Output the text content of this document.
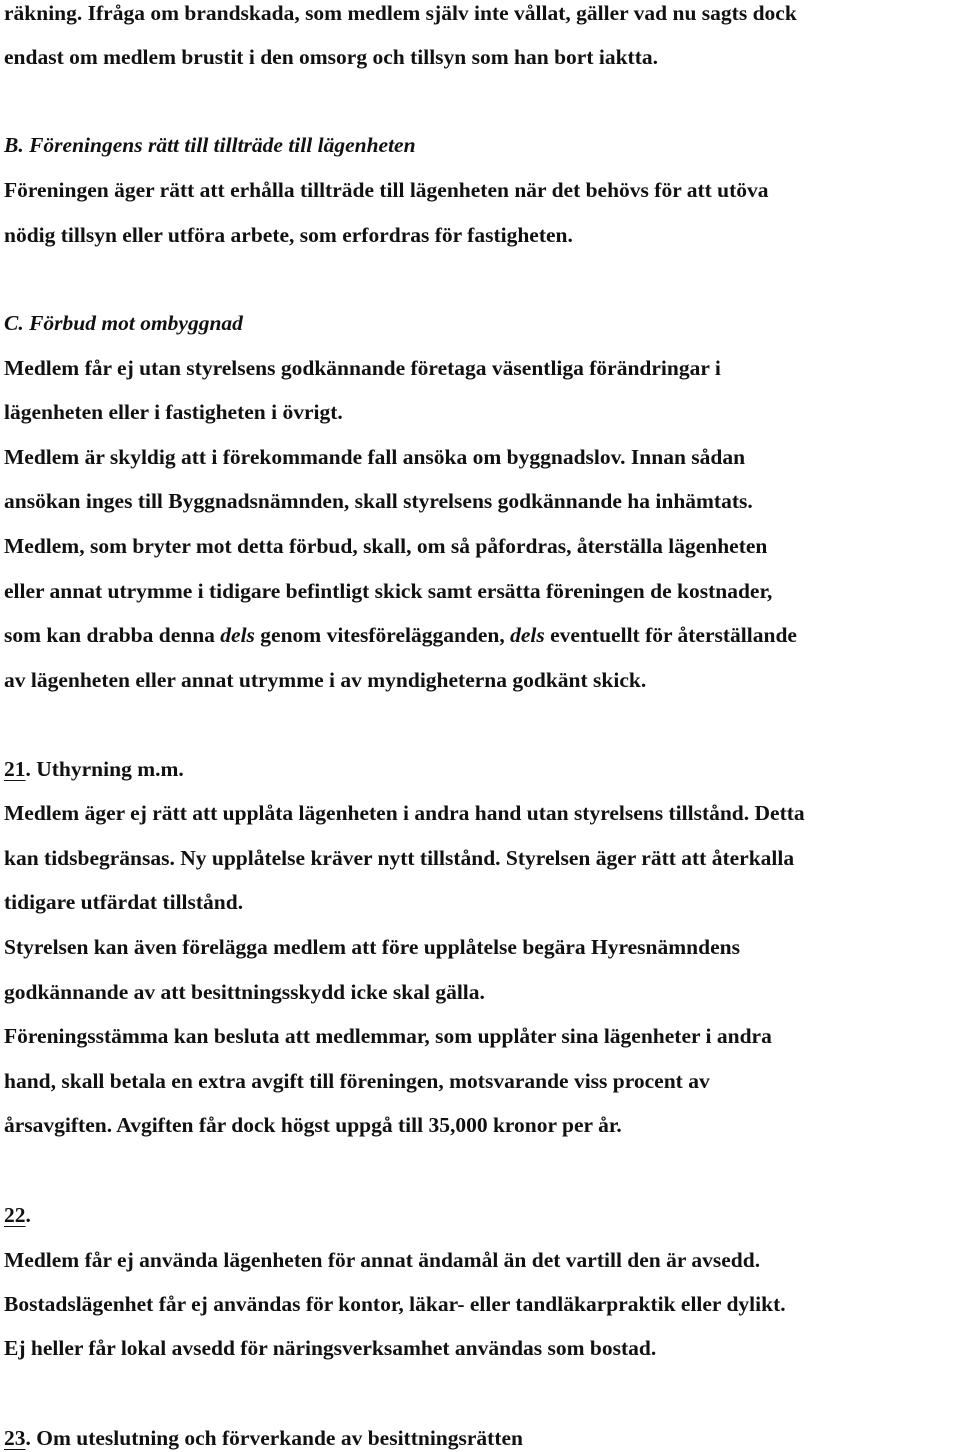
räkning. Ifråga om brandskada, som medlem själv inte vållat, gäller vad nu sagts dock
endast om medlem brustit i den omsorg och tillsyn som han bort iaktta.
B. Föreningens rätt till tillträde till lägenheten
Föreningen äger rätt att erhålla tillträde till lägenheten när det behövs för att utöva
nödig tillsyn eller utföra arbete, som erfordras för fastigheten.
C. Förbud mot ombyggnad
Medlem får ej utan styrelsens godkännande företaga väsentliga förändringar i
lägenheten eller i fastigheten i övrigt.
Medlem är skyldig att i förekommande fall ansöka om byggnadslov. Innan sådan
ansökan inges till Byggnadsnämnden, skall styrelsens godkännande ha inhämtats.
Medlem, som bryter mot detta förbud, skall, om så påfordras, återställa lägenheten
eller annat utrymme i tidigare befintligt skick samt ersätta föreningen de kostnader,
som kan drabba denna dels genom vitesförelägganden, dels eventuellt för återställande
av lägenheten eller annat utrymme i av myndigheterna godkänt skick.
21. Uthyrning m.m.
Medlem äger ej rätt att upplåta lägenheten i andra hand utan styrelsens tillstånd. Detta
kan tidsbegränsas. Ny upplåtelse kräver nytt tillstånd. Styrelsen äger rätt att återkalla
tidigare utfärdat tillstånd.
Styrelsen kan även förelägga medlem att före upplåtelse begära Hyresnämndens
godkännande av att besittningsskydd icke skal gälla.
Föreningsstämma kan besluta att medlemmar, som upplåter sina lägenheter i andra
hand, skall betala en extra avgift till föreningen, motsvarande viss procent av
årsavgiften. Avgiften får dock högst uppgå till 35,000 kronor per år.
22.
Medlem får ej använda lägenheten för annat ändamål än det vartill den är avsedd.
Bostadslägenhet får ej användas för kontor, läkar- eller tandläkarpraktik eller dylikt.
Ej heller får lokal avsedd för näringsverksamhet användas som bostad.
23. Om uteslutning och förverkande av besittningsrätten
